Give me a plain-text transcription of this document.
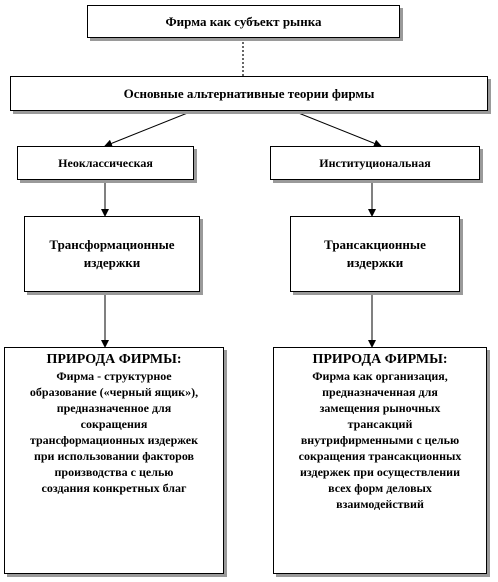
Фирма как субъект рынка
Основные альтернативные теории фирмы
Неоклассическая	Институциональная
Трансформационные издержки
Трансакционные
издержки
ПРИРОДА ФИРМЫ:
Фирма - структурное
образование («черный ящик»),
предназначенное для
сокращения
трансформационных издержек
при использовании факторов
производства с целью
создания конкретных благ
ПРИРОДА ФИРМЫ:
Фирма как организация,
предназначенная для
замещения рыночных
трансакций
внутрифирменными с целью
сокращения трансакционных
издержек при осуществлении
всех форм деловых
взаимодействий
